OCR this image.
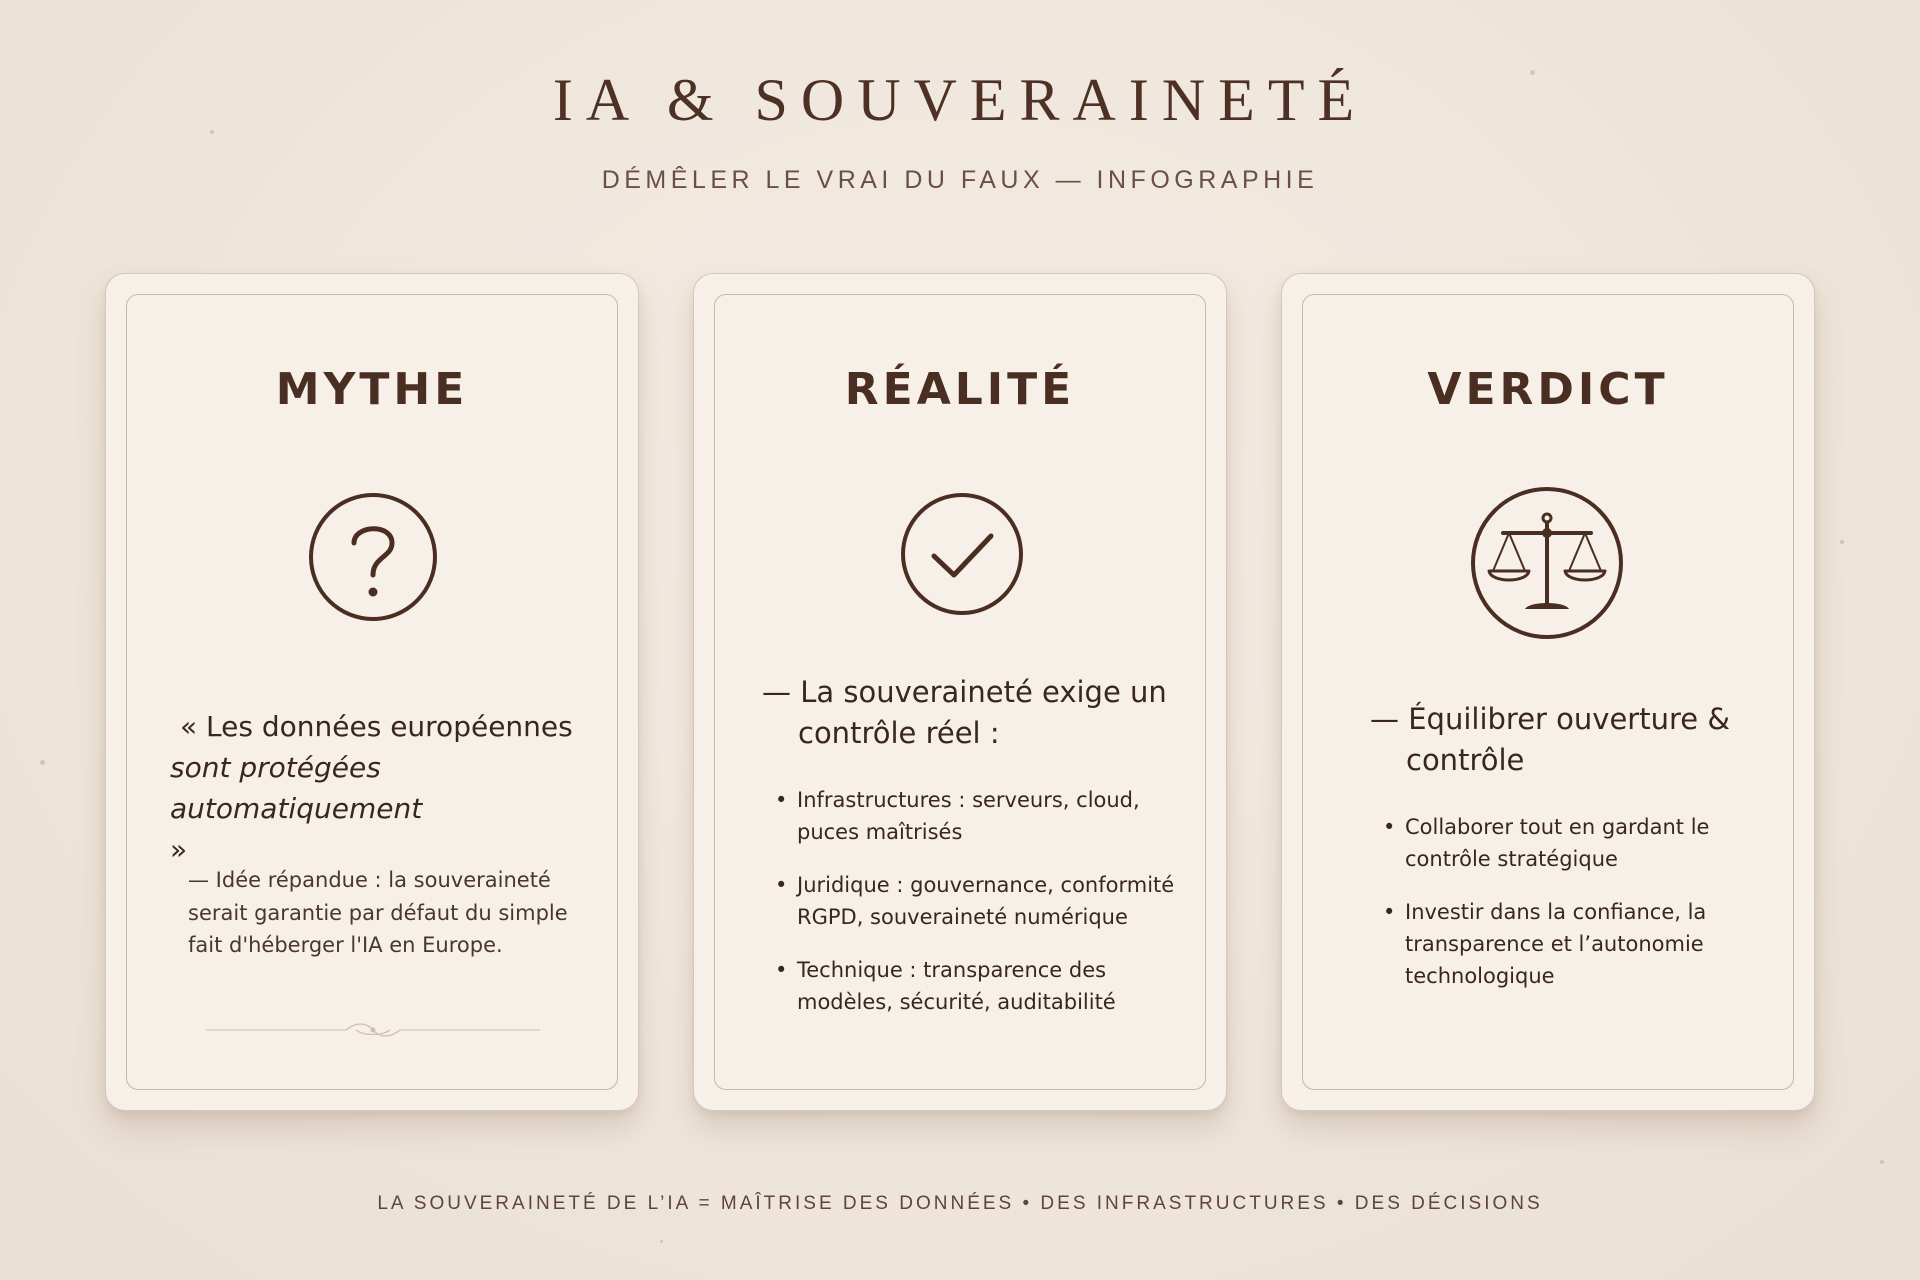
IA & SOUVERAINETÉ
DÉMÊLER LE VRAI DU FAUX — INFOGRAPHIE
MYTHE
« Les données européennes
sont protégées automatiquement
»
— Idée répandue : la souveraineté serait garantie par défaut du simple fait d'héberger l'IA en Europe.
RÉALITÉ
— La souveraineté exige un contrôle réel :
• Infrastructures : serveurs, cloud, puces maîtrisés
• Juridique : gouvernance, conformité RGPD, souveraineté numérique
• Technique : transparence des modèles, sécurité, auditabilité
VERDICT
— Équilibrer ouverture & contrôle
• Collaborer tout en gardant le contrôle stratégique
• Investir dans la confiance, la transparence et l’autonomie technologique
LA SOUVERAINETÉ DE L’IA = MAÎTRISE DES DONNÉES • DES INFRASTRUCTURES • DES DÉCISIONS
